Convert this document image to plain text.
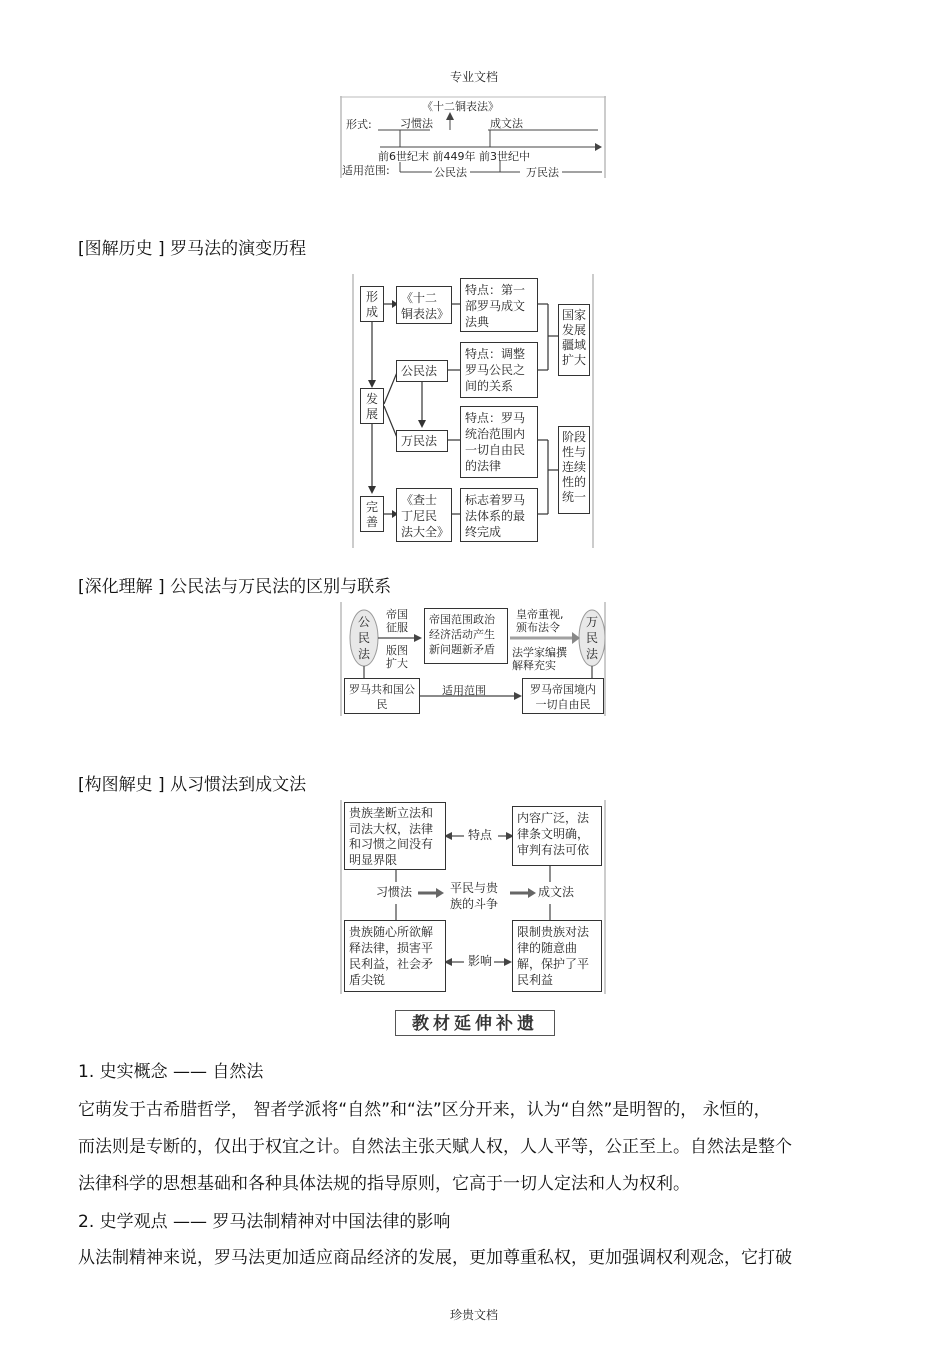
专业文档
《十二铜表法》
形式:	习惯法	成文法
前6世纪末 前449年 前3世纪中
适用范围:	公民法	万民法
[图解历史 ] 罗马法的演变历程
形成
发展
完善
《十二铜表法》
特点：第一部罗马成文法典
公民法
特点：调整罗马公民之间的关系
万民法
特点：罗马统治范围内一切自由民的法律
《查士丁尼民法大全》
标志着罗马法体系的最终完成
国家发展疆域扩大
阶段性与连续性的统一
[深化理解 ] 公民法与万民法的区别与联系
公民法
万民法
帝国
征服
版图
扩大
帝国范围政治经济活动产生新问题新矛盾
皇帝重视,
颁布法令
法学家编撰
解释充实
罗马共和国公民
适用范围	罗马帝国境内一切自由民
[构图解史 ] 从习惯法到成文法
贵族垄断立法和司法大权，法律和习惯之间没有明显界限
特点
内容广泛，法律条文明确，审判有法可依
习惯法	平民与贵族的斗争
成文法
贵族随心所欲解释法律，损害平民利益，社会矛盾尖锐
影响
限制贵族对法律的随意曲解，保护了平民利益
教材延伸补遗
1. 史实概念 —— 自然法
它萌发于古希腊哲学， 智者学派将“自然”和“法”区分开来，认为“自然”是明智的， 永恒的，
而法则是专断的，仅出于权宜之计。自然法主张天赋人权，人人平等，公正至上。自然法是整个
法律科学的思想基础和各种具体法规的指导原则，它高于一切人定法和人为权利。
2. 史学观点 —— 罗马法制精神对中国法律的影响
从法制精神来说，罗马法更加适应商品经济的发展，更加尊重私权，更加强调权利观念，它打破
珍贵文档
